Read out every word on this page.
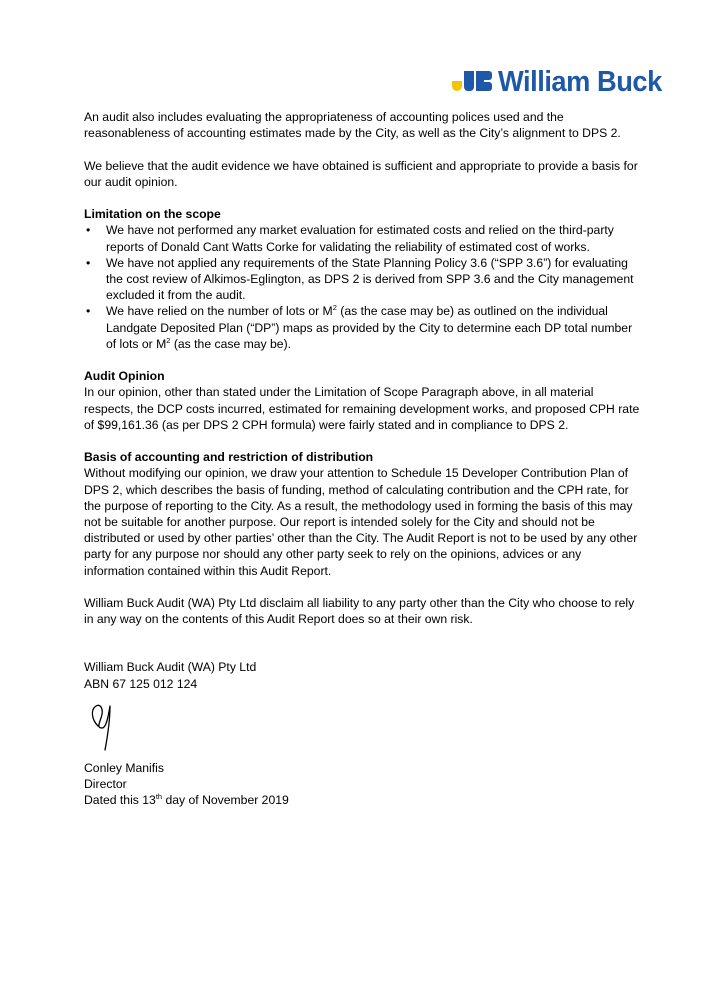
William Buck

An audit also includes evaluating the appropriateness of accounting polices used and the reasonableness of accounting estimates made by the City, as well as the City’s alignment to DPS 2.

We believe that the audit evidence we have obtained is sufficient and appropriate to provide a basis for our audit opinion.

Limitation on the scope

• We have not performed any market evaluation for estimated costs and relied on the third-party reports of Donald Cant Watts Corke for validating the reliability of estimated cost of works.
• We have not applied any requirements of the State Planning Policy 3.6 (“SPP 3.6”) for evaluating the cost review of Alkimos-Eglington, as DPS 2 is derived from SPP 3.6 and the City management excluded it from the audit.
• We have relied on the number of lots or $M^2$ (as the case may be) as outlined on the individual Landgate Deposited Plan (“DP”) maps as provided by the City to determine each DP total number of lots or $M^2$ (as the case may be).

Audit Opinion

In our opinion, other than stated under the Limitation of Scope Paragraph above, in all material respects, the DCP costs incurred, estimated for remaining development works, and proposed CPH rate of $99,161.36 (as per DPS 2 CPH formula) were fairly stated and in compliance to DPS 2.

Basis of accounting and restriction of distribution

Without modifying our opinion, we draw your attention to Schedule 15 Developer Contribution Plan of DPS 2, which describes the basis of funding, method of calculating contribution and the CPH rate, for the purpose of reporting to the City. As a result, the methodology used in forming the basis of this may not be suitable for another purpose. Our report is intended solely for the City and should not be distributed or used by other parties’ other than the City. The Audit Report is not to be used by any other party for any purpose nor should any other party seek to rely on the opinions, advices or any information contained within this Audit Report.

William Buck Audit (WA) Pty Ltd disclaim all liability to any party other than the City who choose to rely in any way on the contents of this Audit Report does so at their own risk.

William Buck Audit (WA) Pty Ltd

ABN 67 125 012 124

Conley Manifis

Director

Dated this 13th day of November 2019
